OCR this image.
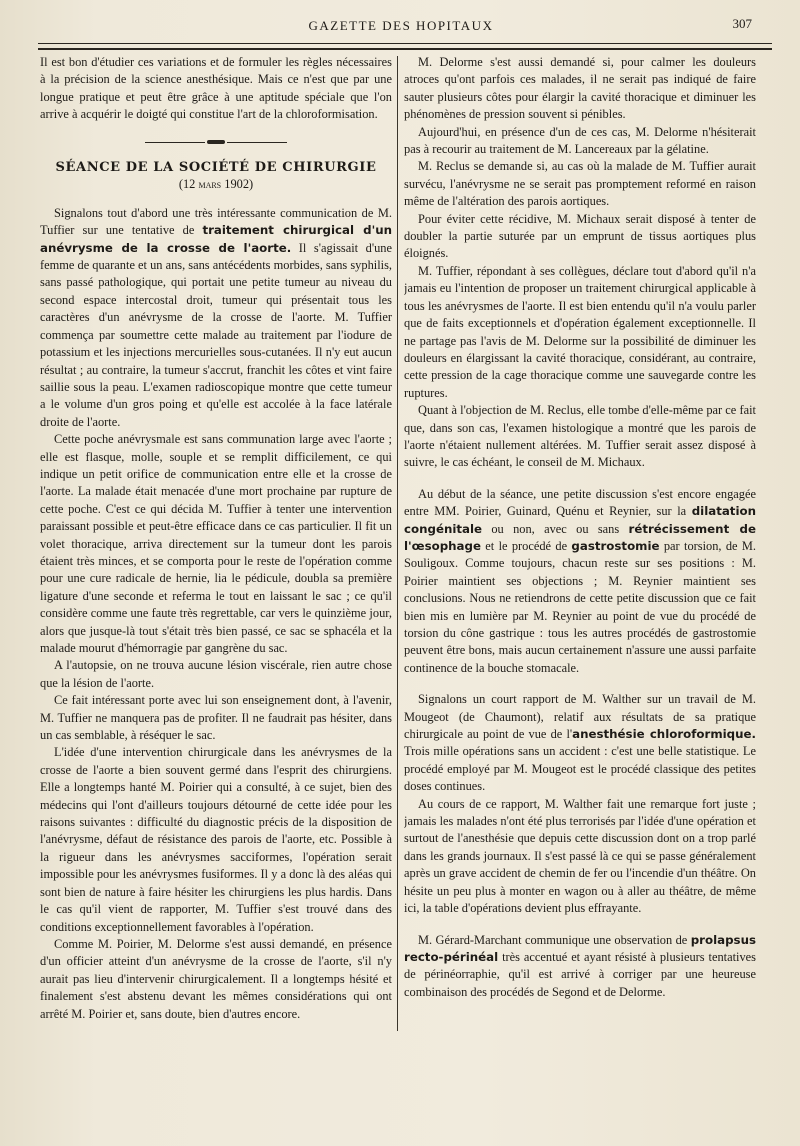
GAZETTE DES HOPITAUX	307

Il est bon d'étudier ces variations et de formuler les règles nécessaires à la précision de la science anesthésique. Mais ce n'est que par une longue pratique et peut être grâce à une aptitude spéciale que l'on arrive à acquérir le doigté qui constitue l'art de la chloroformisation.

SÉANCE DE LA SOCIÉTÉ DE CHIRURGIE
(12 mars 1902)

Signalons tout d'abord une très intéressante communication de M. Tuffier sur une tentative de traitement chirurgical d'un anévrysme de la crosse de l'aorte. Il s'agissait d'une femme de quarante et un ans, sans antécédents morbides, sans syphilis, sans passé pathologique, qui portait une petite tumeur au niveau du second espace intercostal droit, tumeur qui présentait tous les caractères d'un anévrysme de la crosse de l'aorte. M. Tuffier commença par soumettre cette malade au traitement par l'iodure de potassium et les injections mercurielles sous-cutanées. Il n'y eut aucun résultat ; au contraire, la tumeur s'accrut, franchit les côtes et vint faire saillie sous la peau. L'examen radioscopique montre que cette tumeur a le volume d'un gros poing et qu'elle est accolée à la face latérale droite de l'aorte.

Cette poche anévrysmale est sans communation large avec l'aorte ; elle est flasque, molle, souple et se remplit difficilement, ce qui indique un petit orifice de communication entre elle et la crosse de l'aorte. La malade était menacée d'une mort prochaine par rupture de cette poche. C'est ce qui décida M. Tuffier à tenter une intervention paraissant possible et peut-être efficace dans ce cas particulier. Il fit un volet thoracique, arriva directement sur la tumeur dont les parois étaient très minces, et se comporta pour le reste de l'opération comme pour une cure radicale de hernie, lia le pédicule, doubla sa première ligature d'une seconde et referma le tout en laissant le sac ; ce qu'il considère comme une faute très regrettable, car vers le quinzième jour, alors que jusque-là tout s'était très bien passé, ce sac se sphacéla et la malade mourut d'hémorragie par gangrène du sac.

A l'autopsie, on ne trouva aucune lésion viscérale, rien autre chose que la lésion de l'aorte.

Ce fait intéressant porte avec lui son enseignement dont, à l'avenir, M. Tuffier ne manquera pas de profiter. Il ne faudrait pas hésiter, dans un cas semblable, à réséquer le sac.

L'idée d'une intervention chirurgicale dans les anévrysmes de la crosse de l'aorte a bien souvent germé dans l'esprit des chirurgiens. Elle a longtemps hanté M. Poirier qui a consulté, à ce sujet, bien des médecins qui l'ont d'ailleurs toujours détourné de cette idée pour les raisons suivantes : difficulté du diagnostic précis de la disposition de l'anévrysme, défaut de résistance des parois de l'aorte, etc. Possible à la rigueur dans les anévrysmes sacciformes, l'opération serait impossible pour les anévrysmes fusiformes. Il y a donc là des aléas qui sont bien de nature à faire hésiter les chirurgiens les plus hardis. Dans le cas qu'il vient de rapporter, M. Tuffier s'est trouvé dans des conditions exceptionnellement favorables à l'opération.

Comme M. Poirier, M. Delorme s'est aussi demandé, en présence d'un officier atteint d'un anévrysme de la crosse de l'aorte, s'il n'y aurait pas lieu d'intervenir chirurgicalement. Il a longtemps hésité et finalement s'est abstenu devant les mêmes considérations qui ont arrêté M. Poirier et, sans doute, bien d'autres encore.

M. Delorme s'est aussi demandé si, pour calmer les douleurs atroces qu'ont parfois ces malades, il ne serait pas indiqué de faire sauter plusieurs côtes pour élargir la cavité thoracique et diminuer les phénomènes de pression souvent si pénibles.

Aujourd'hui, en présence d'un de ces cas, M. Delorme n'hésiterait pas à recourir au traitement de M. Lancereaux par la gélatine.

M. Reclus se demande si, au cas où la malade de M. Tuffier aurait survécu, l'anévrysme ne se serait pas promptement reformé en raison même de l'altération des parois aortiques.

Pour éviter cette récidive, M. Michaux serait disposé à tenter de doubler la partie suturée par un emprunt de tissus aortiques plus éloignés.

M. Tuffier, répondant à ses collègues, déclare tout d'abord qu'il n'a jamais eu l'intention de proposer un traitement chirurgical applicable à tous les anévrysmes de l'aorte. Il est bien entendu qu'il n'a voulu parler que de faits exceptionnels et d'opération également exceptionnelle. Il ne partage pas l'avis de M. Delorme sur la possibilité de diminuer les douleurs en élargissant la cavité thoracique, considérant, au contraire, cette pression de la cage thoracique comme une sauvegarde contre les ruptures.

Quant à l'objection de M. Reclus, elle tombe d'elle-même par ce fait que, dans son cas, l'examen histologique a montré que les parois de l'aorte n'étaient nullement altérées. M. Tuffier serait assez disposé à suivre, le cas échéant, le conseil de M. Michaux.

Au début de la séance, une petite discussion s'est encore engagée entre MM. Poirier, Guinard, Quénu et Reynier, sur la dilatation congénitale ou non, avec ou sans rétrécissement de l'œsophage et le procédé de gastrostomie par torsion, de M. Souligoux. Comme toujours, chacun reste sur ses positions : M. Poirier maintient ses objections ; M. Reynier maintient ses conclusions. Nous ne retiendrons de cette petite discussion que ce fait bien mis en lumière par M. Reynier au point de vue du procédé de torsion du cône gastrique : tous les autres procédés de gastrostomie peuvent être bons, mais aucun certainement n'assure une aussi parfaite continence de la bouche stomacale.

Signalons un court rapport de M. Walther sur un travail de M. Mougeot (de Chaumont), relatif aux résultats de sa pratique chirurgicale au point de vue de l'anesthésie chloroformique. Trois mille opérations sans un accident : c'est une belle statistique. Le procédé employé par M. Mougeot est le procédé classique des petites doses continues.

Au cours de ce rapport, M. Walther fait une remarque fort juste ; jamais les malades n'ont été plus terrorisés par l'idée d'une opération et surtout de l'anesthésie que depuis cette discussion dont on a trop parlé dans les grands journaux. Il s'est passé là ce qui se passe généralement après un grave accident de chemin de fer ou l'incendie d'un théâtre. On hésite un peu plus à monter en wagon ou à aller au théâtre, de même ici, la table d'opérations devient plus effrayante.

M. Gérard-Marchant communique une observation de prolapsus recto-périnéal très accentué et ayant résisté à plusieurs tentatives de périnéorraphie, qu'il est arrivé à corriger par une heureuse combinaison des procédés de Segond et de Delorme.
